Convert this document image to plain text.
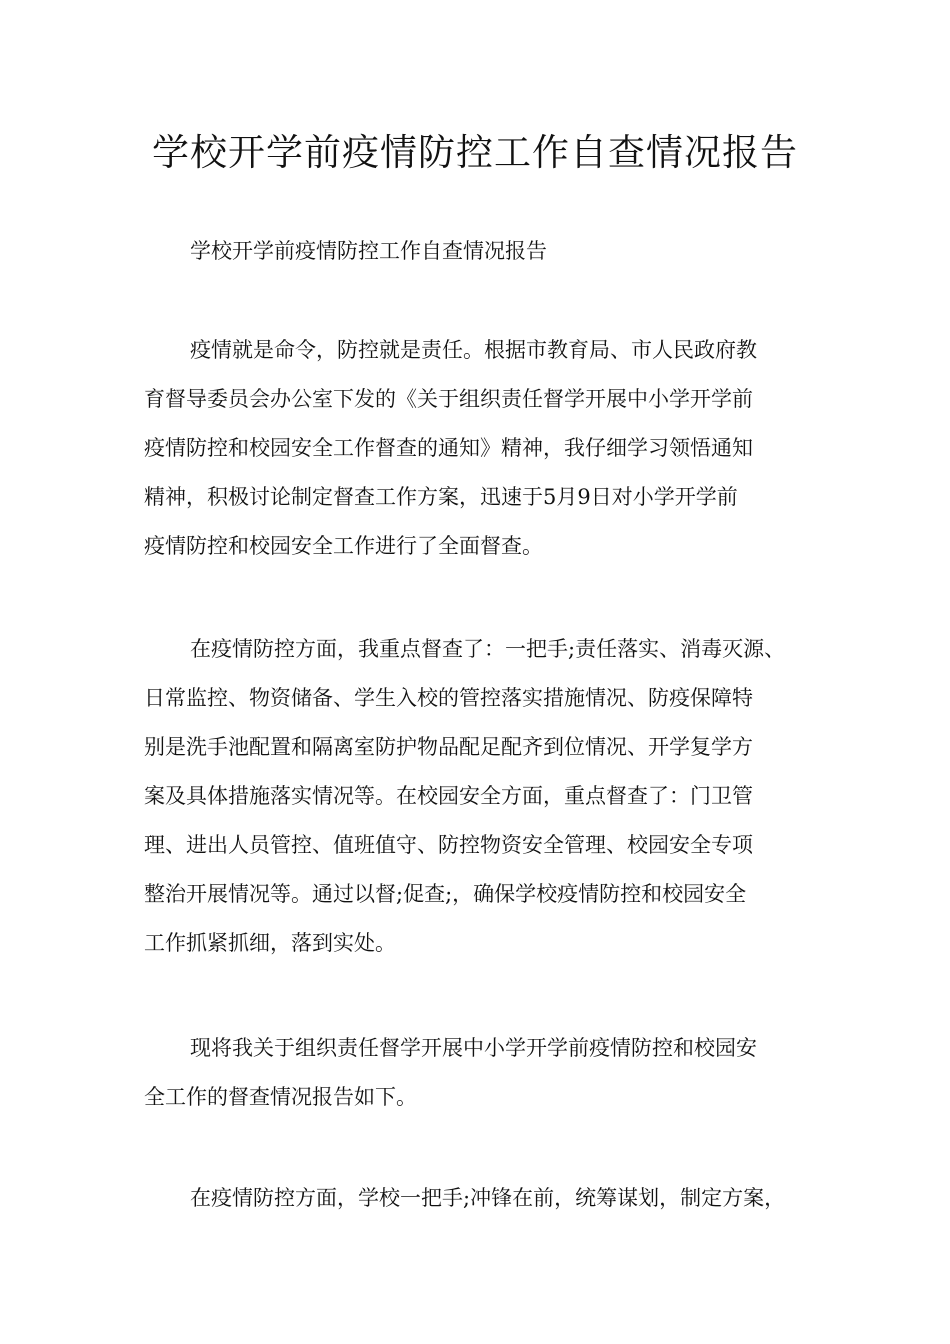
学校开学前疫情防控工作自查情况报告

学校开学前疫情防控工作自查情况报告

疫情就是命令，防控就是责任。根据市教育局、市人民政府教
育督导委员会办公室下发的《关于组织责任督学开展中小学开学前
疫情防控和校园安全工作督查的通知》精神，我仔细学习领悟通知
精神，积极讨论制定督查工作方案，迅速于5月9日对小学开学前
疫情防控和校园安全工作进行了全面督查。

在疫情防控方面，我重点督查了：一把手;责任落实、消毒灭源、
日常监控、物资储备、学生入校的管控落实措施情况、防疫保障特
别是洗手池配置和隔离室防护物品配足配齐到位情况、开学复学方
案及具体措施落实情况等。在校园安全方面，重点督查了：门卫管
理、进出人员管控、值班值守、防控物资安全管理、校园安全专项
整治开展情况等。通过以督;促查;，确保学校疫情防控和校园安全
工作抓紧抓细，落到实处。

现将我关于组织责任督学开展中小学开学前疫情防控和校园安
全工作的督查情况报告如下。

在疫情防控方面，学校一把手;冲锋在前，统筹谋划，制定方案，
